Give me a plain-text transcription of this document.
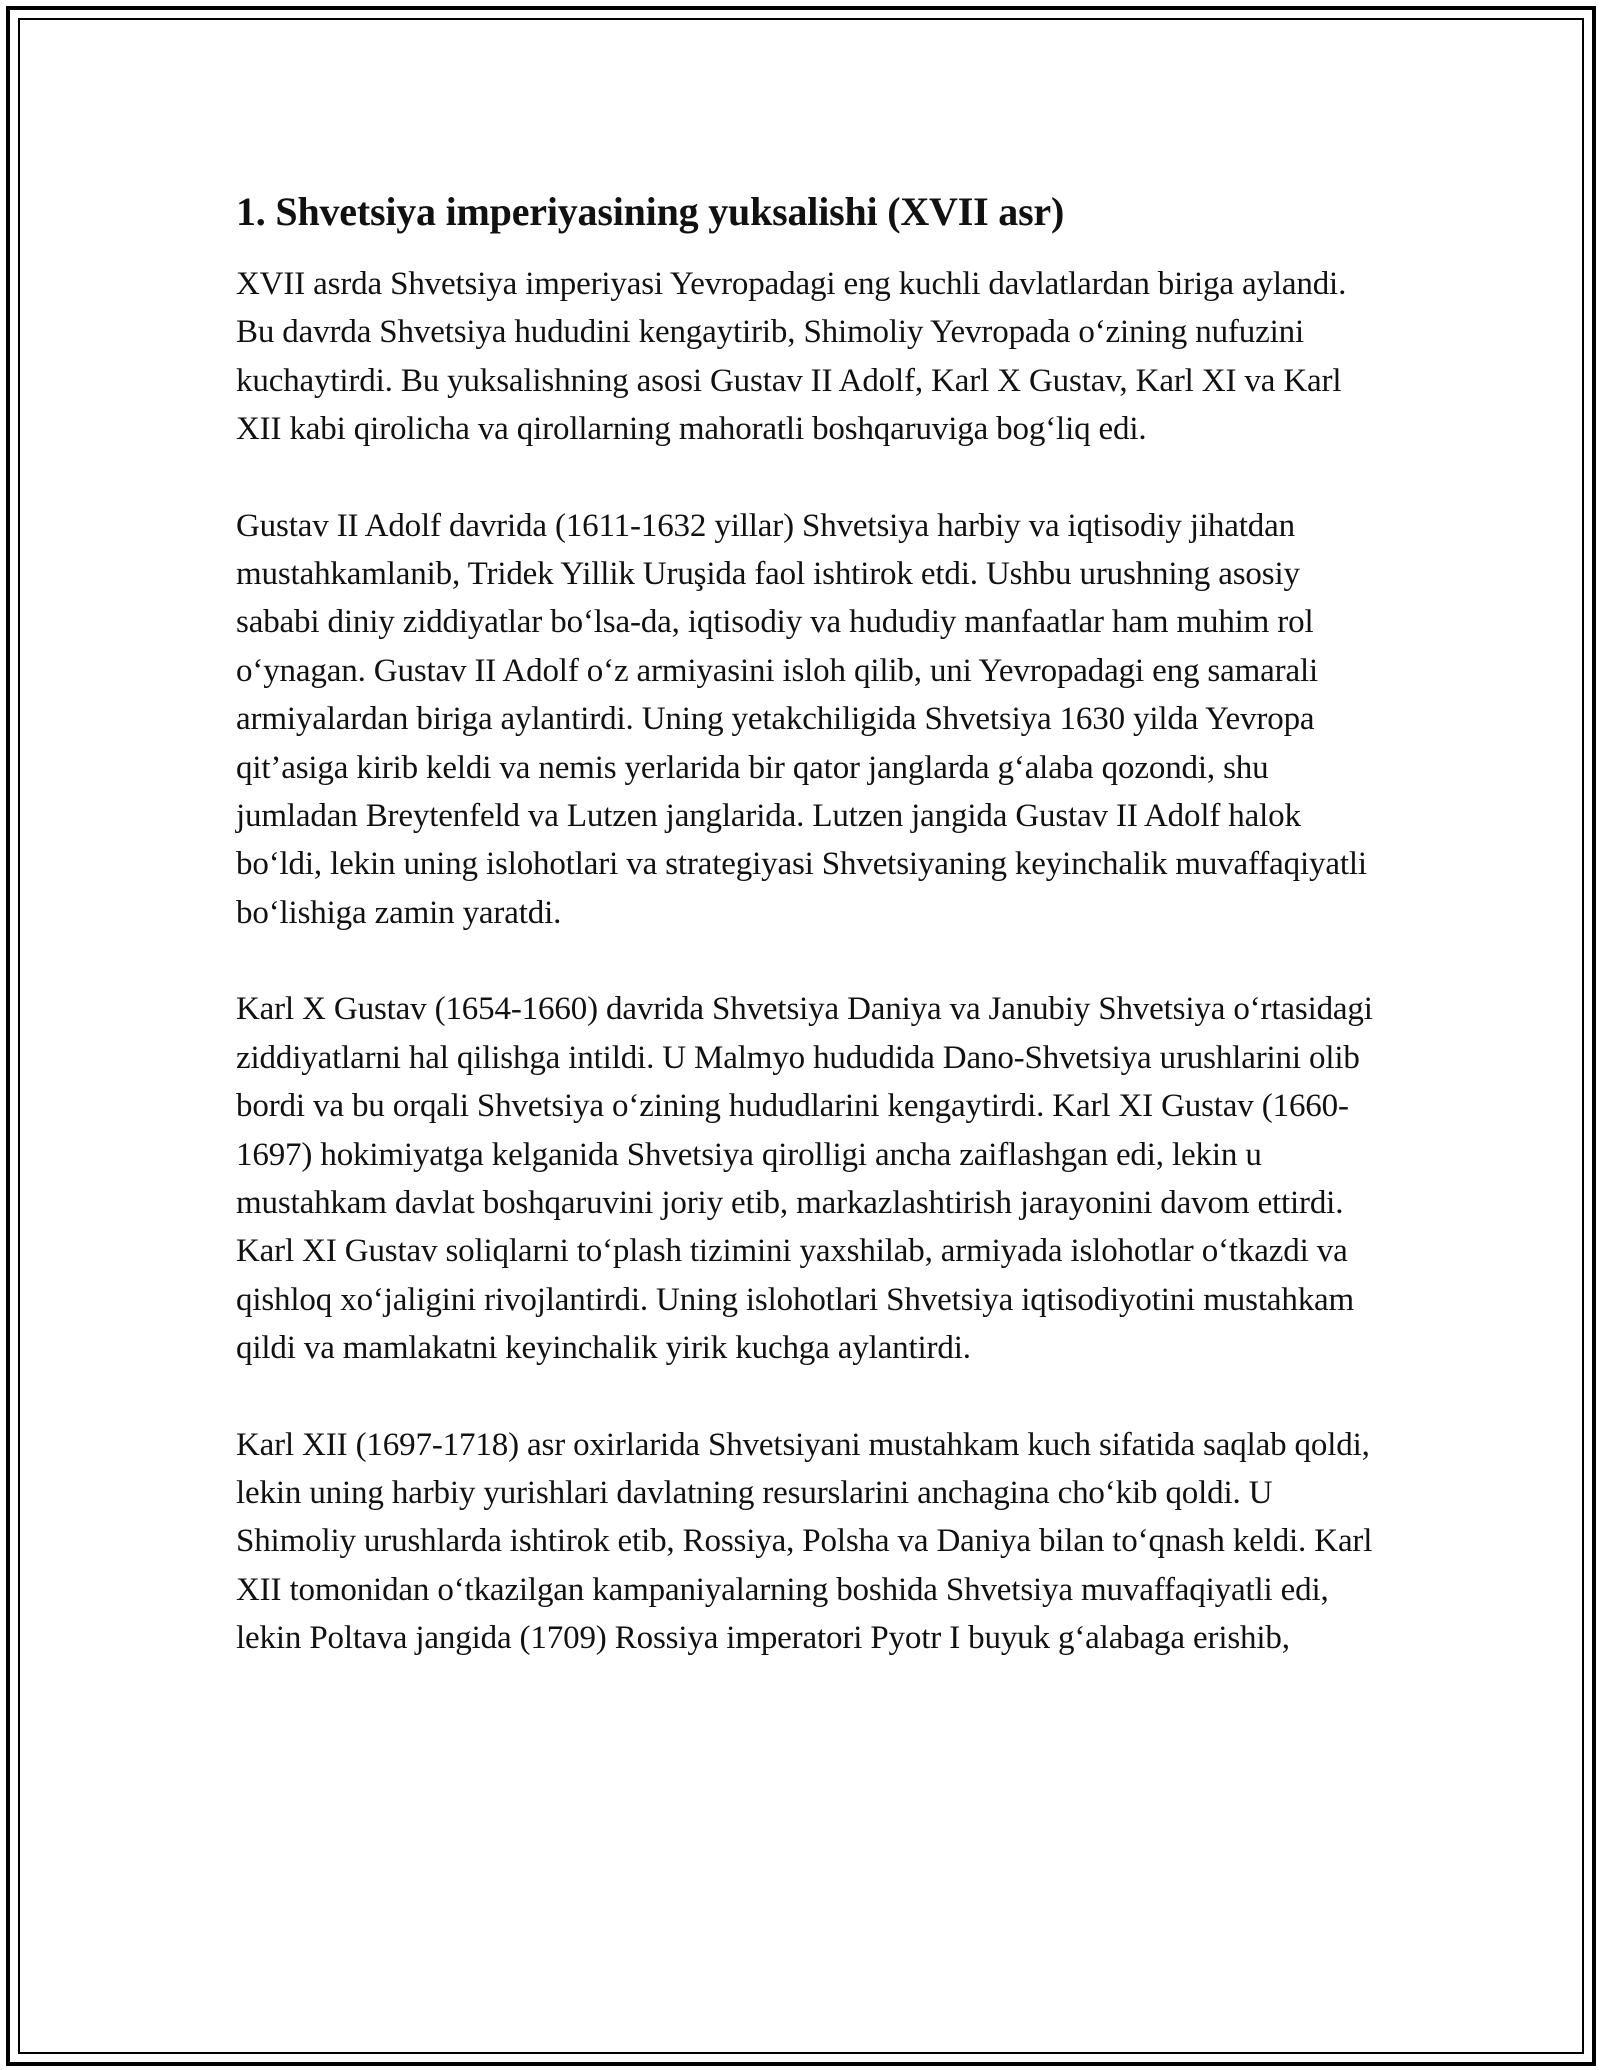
1. Shvetsiya imperiyasining yuksalishi (XVII asr)

XVII asrda Shvetsiya imperiyasi Yevropadagi eng kuchli davlatlardan biriga aylandi. Bu davrda Shvetsiya hududini kengaytirib, Shimoliy Yevropada o‘zining nufuzini kuchaytirdi. Bu yuksalishning asosi Gustav II Adolf, Karl X Gustav, Karl XI va Karl XII kabi qirolicha va qirollarning mahoratli boshqaruviga bog‘liq edi.

Gustav II Adolf davrida (1611-1632 yillar) Shvetsiya harbiy va iqtisodiy jihatdan mustahkamlanib, Tridek Yillik Uruşida faol ishtirok etdi. Ushbu urushning asosiy sababi diniy ziddiyatlar bo‘lsa-da, iqtisodiy va hududiy manfaatlar ham muhim rol o‘ynagan. Gustav II Adolf o‘z armiyasini isloh qilib, uni Yevropadagi eng samarali armiyalardan biriga aylantirdi. Uning yetakchiligida Shvetsiya 1630 yilda Yevropa qit’asiga kirib keldi va nemis yerlarida bir qator janglarda g‘alaba qozondi, shu jumladan Breytenfeld va Lutzen janglarida. Lutzen jangida Gustav II Adolf halok bo‘ldi, lekin uning islohotlari va strategiyasi Shvetsiyaning keyinchalik muvaffaqiyatli bo‘lishiga zamin yaratdi.

Karl X Gustav (1654-1660) davrida Shvetsiya Daniya va Janubiy Shvetsiya o‘rtasidagi ziddiyatlarni hal qilishga intildi. U Malmyo hududida Dano-Shvetsiya urushlarini olib bordi va bu orqali Shvetsiya o‘zining hududlarini kengaytirdi. Karl XI Gustav (1660-1697) hokimiyatga kelganida Shvetsiya qirolligi ancha zaiflashgan edi, lekin u mustahkam davlat boshqaruvini joriy etib, markazlashtirish jarayonini davom ettirdi. Karl XI Gustav soliqlarni to‘plash tizimini yaxshilab, armiyada islohotlar o‘tkazdi va qishloq xo‘jaligini rivojlantirdi. Uning islohotlari Shvetsiya iqtisodiyotini mustahkam qildi va mamlakatni keyinchalik yirik kuchga aylantirdi.

Karl XII (1697-1718) asr oxirlarida Shvetsiyani mustahkam kuch sifatida saqlab qoldi, lekin uning harbiy yurishlari davlatning resurslarini anchagina cho‘kib qoldi. U Shimoliy urushlarda ishtirok etib, Rossiya, Polsha va Daniya bilan to‘qnash keldi. Karl XII tomonidan o‘tkazilgan kampaniyalarning boshida Shvetsiya muvaffaqiyatli edi, lekin Poltava jangida (1709) Rossiya imperatori Pyotr I buyuk g‘alabaga erishib,
